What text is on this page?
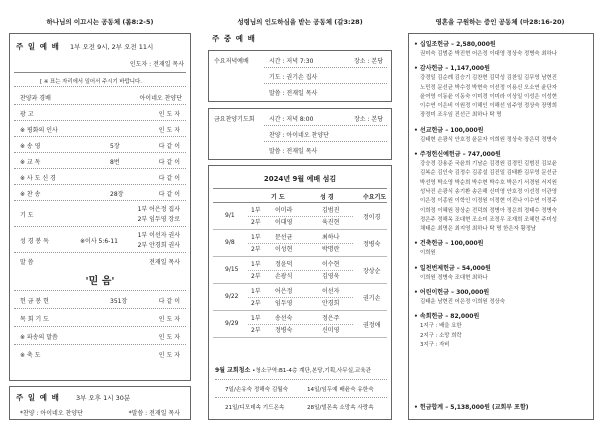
하나님의 이끄시는 공동체 (롬8:2-5)
주 일 예 배 1부 오전 9시, 2부 오전 11시
인도자 : 전재일 목사
[ ※ 표는 자리에서 일어서 주시기 바랍니다.
찬양과 경배	아이네오 찬양단
광 고	인 도 자
※ 평화의 인사	인 도 자
※ 송 영	5장	다 같 이
※ 교 독	8번	다 같 이
※ 사 도 신 경	다 같 이
※ 찬 송	28장	다 같 이
기 도
1부 어은정 집사
2부 임두영 장로
성 경 봉 독	※이사 5:6-11
1부 이선자 권사
2부 안경희 권사
말 씀	전재일 목사
'믿 음'
헌 금 봉 헌	351장	다 같 이
목 회 기 도	인 도 자
※ 파송의 말씀	인 도 자
※ 축 도	인 도 자
주 일 예 배 3부 오후 1시 30분
*찬양 : 아이네오 찬양단	*말씀 : 전재일 목사
성령님의 인도하심을 받는 공동체 (갈3:28)
주 중 예 배
수요저녁예배	시간 : 저녁 7:30	장소 : 본당
기도 : 권기손 집사
말씀 : 전재일 목사
금요찬양기도회 시간 : 저녁 8:00	장소 : 본당
찬양 : 아이네오 찬양단
말씀 : 전재일 목사
2024년 9월 예배 섬김
기 도	성 경	수요기도
9/1
1부 이미라	김범진
2부 이대영	육진현
정이경
9/8
1부 문선균	최하나
2부 이성현	박명란
정병숙
9/15
1부 정윤덕	이수현
2부 손광식	김영욱
장상순
9/22
1부 어은정	이선자
2부 임두영	안경희
권기손
9/29
1부 송선숙	정은주
2부 정병숙	신미영
권정애
9월 교회청소 •청소구역:B1-4층 계단,본당,기획,사무실,교육관
7일/손유숙 정해숙 김월숙	14일/임두예 배윤숙 유한숙
21일/디모데속 기드온속	28일/빌몬속 소망속 사랑속
영혼을 구원하는 증인 공동체 (마28:16-20)
• 십일조헌금 – 2,580,000원
권미숙 김범준 박진현 어은정 이대영 정상숙 정병숙 최하나
• 감사헌금 – 1,147,000원
강경일 김순례 김승기 김찬현 김덕성 김찬일 김무영 남현진
노민정 문선균 박수정 박현숙 이선정 이용신 오소연 윤단자
윤여영 이동윤 이동숙 이미경 이미라 이상일 이성은 이성현
이수연 이은비 이원정 이해인 이해선 임주영 정상숙 장명희
장정미 조우임 진선근 최하나 탁 명
• 선교헌금 – 100,000원
김태현 손광식 안호정 윤문자 이희원 정상숙 장은덕 정병숙
• 주정헌신예헌금 – 747,000원
강승경 강용준 국윤희 기남순 김경원 김경민 김범진 김보윤
김복순 김인숙 김정수 김종설 김진일 김태환 김무영 문선균
박선영 박소영 박순희 박수현 박수호 박은기 서경원 서지원
성낙진 손광식 송기환 송은해 신미영 안호정 이선정 이관영
이은정 이종원 이학인 이정원 이정현 이진나 이수연 이정주
이희정 이혜원 장상순 전덕희 정병아 정은희 정태수 정병숙
정은주 정해옥 조대현 조소미 조정우 조재희 조혜련 주미성
채태순 최명은 최지영 최하나 탁 명 한은자 황정남
• 건축헌금 – 100,000원
이희원
• 일천번제헌금 – 54,000원
이희원 정병숙 조대현 최하나
• 어린이헌금 – 300,000원
김태운 남현진 어은정 이희원 정상숙
• 속회헌금 – 82,000원
1지구 : 배을 요한
2지구 : 소망 희락
3지구 : 자비
• 헌금합계 – 5,138,000원 (교회부 포함)
